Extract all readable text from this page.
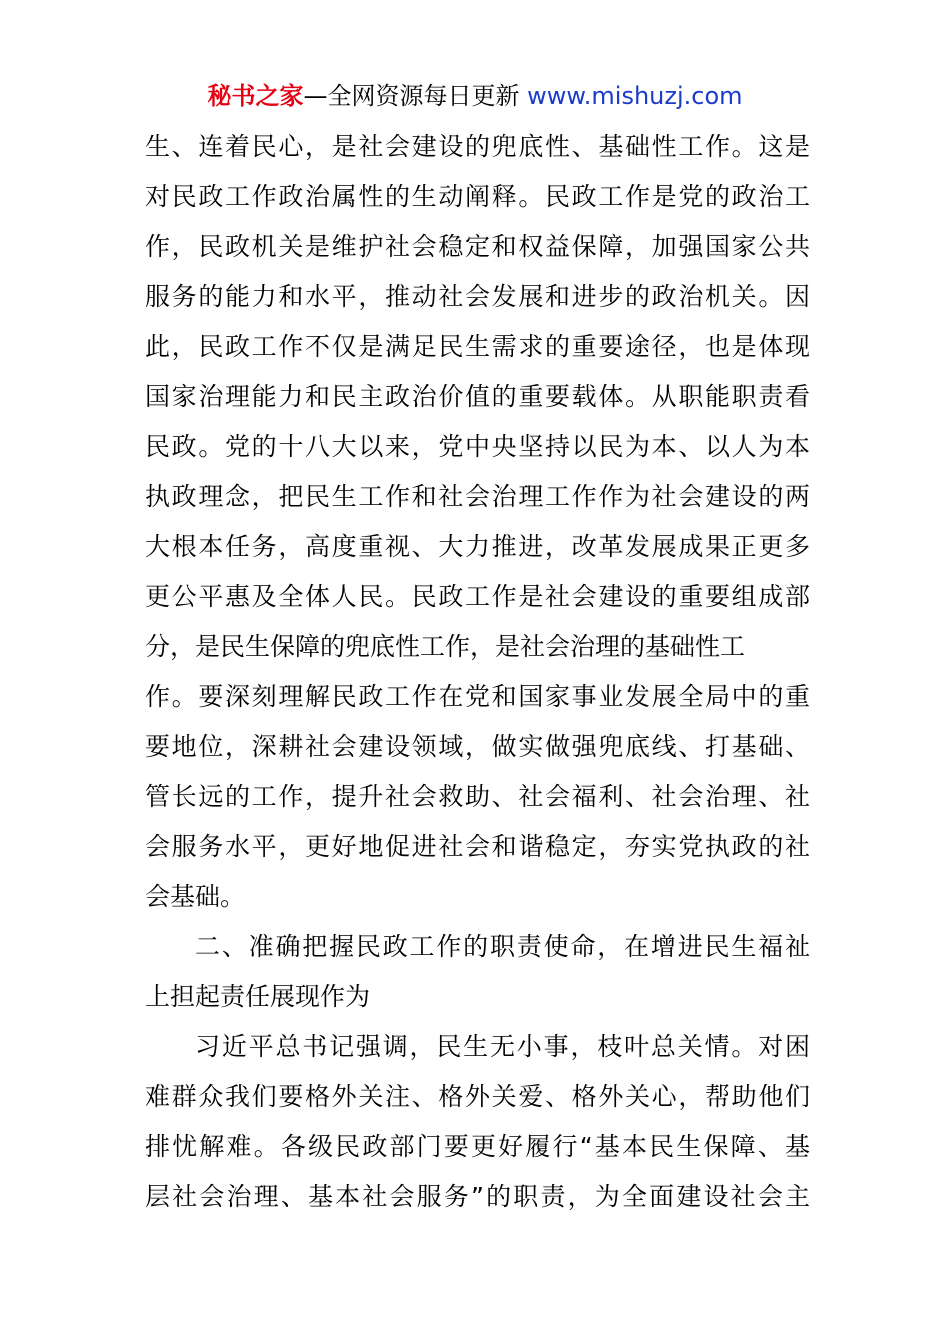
秘书之家—全网资源每日更新 www.mishuzj.com
生、连着民心，是社会建设的兜底性、基础性工作。这是
对民政工作政治属性的生动阐释。民政工作是党的政治工
作，民政机关是维护社会稳定和权益保障，加强国家公共
服务的能力和水平，推动社会发展和进步的政治机关。因
此，民政工作不仅是满足民生需求的重要途径，也是体现
国家治理能力和民主政治价值的重要载体。从职能职责看
民政。党的十八大以来，党中央坚持以民为本、以人为本
执政理念，把民生工作和社会治理工作作为社会建设的两
大根本任务，高度重视、大力推进，改革发展成果正更多
更公平惠及全体人民。民政工作是社会建设的重要组成部
分，是民生保障的兜底性工作，是社会治理的基础性工
作。要深刻理解民政工作在党和国家事业发展全局中的重
要地位，深耕社会建设领域，做实做强兜底线、打基础、
管长远的工作，提升社会救助、社会福利、社会治理、社
会服务水平，更好地促进社会和谐稳定，夯实党执政的社
会基础。
二、准确把握民政工作的职责使命，在增进民生福祉
上担起责任展现作为
习近平总书记强调，民生无小事，枝叶总关情。对困
难群众我们要格外关注、格外关爱、格外关心，帮助他们
排忧解难。各级民政部门要更好履行“基本民生保障、基
层社会治理、基本社会服务”的职责，为全面建设社会主
